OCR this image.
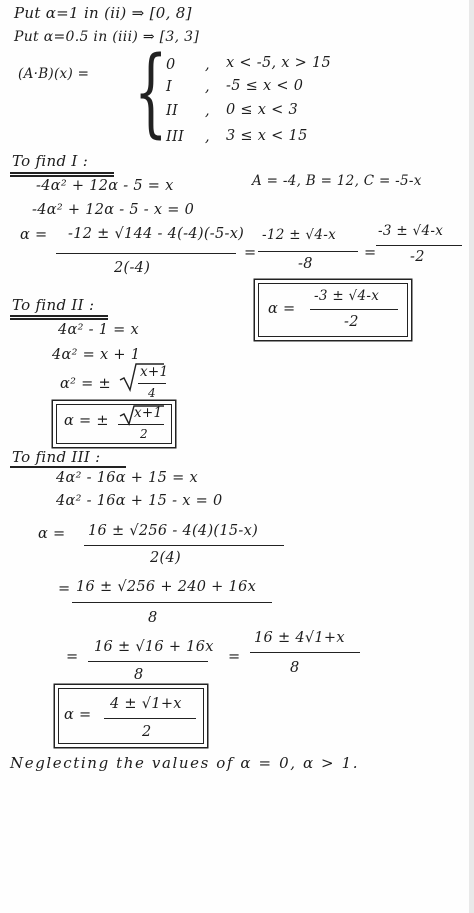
Put α=1 in (ii) ⇒ [0, 8]
Put α=0.5 in (iii) ⇒ [3, 3]
(A·B)(x) = {
0 , x < -5, x > 15
I , -5 ≤ x < 0
II , 0 ≤ x < 3
III , 3 ≤ x < 15
To find I :
-4α² + 12α - 5 = x	A = -4, B = 12, C = -5-x
-4α² + 12α - 5 - x = 0
α = -12 ± √144 - 4(-4)(-5-x)
2(-4)
=
-12 ± √4-x
-8
=
-3 ± √4-x
-2
α =
-3 ± √4-x
-2
To find II :
4α² - 1 = x
4α² = x + 1
α² = ±
x+1
4
α = ± x+1
2
To find III :
4α² - 16α + 15 = x
4α² - 16α + 15 - x = 0
α = 16 ± √256 - 4(4)(15-x)
2(4)
= 16 ± √256 + 240 + 16x
8
=
16 ± √16 + 16x
8
=
16 ± 4√1+x
8
α =
4 ± √1+x
2
Neglecting the values of α = 0, α > 1.
